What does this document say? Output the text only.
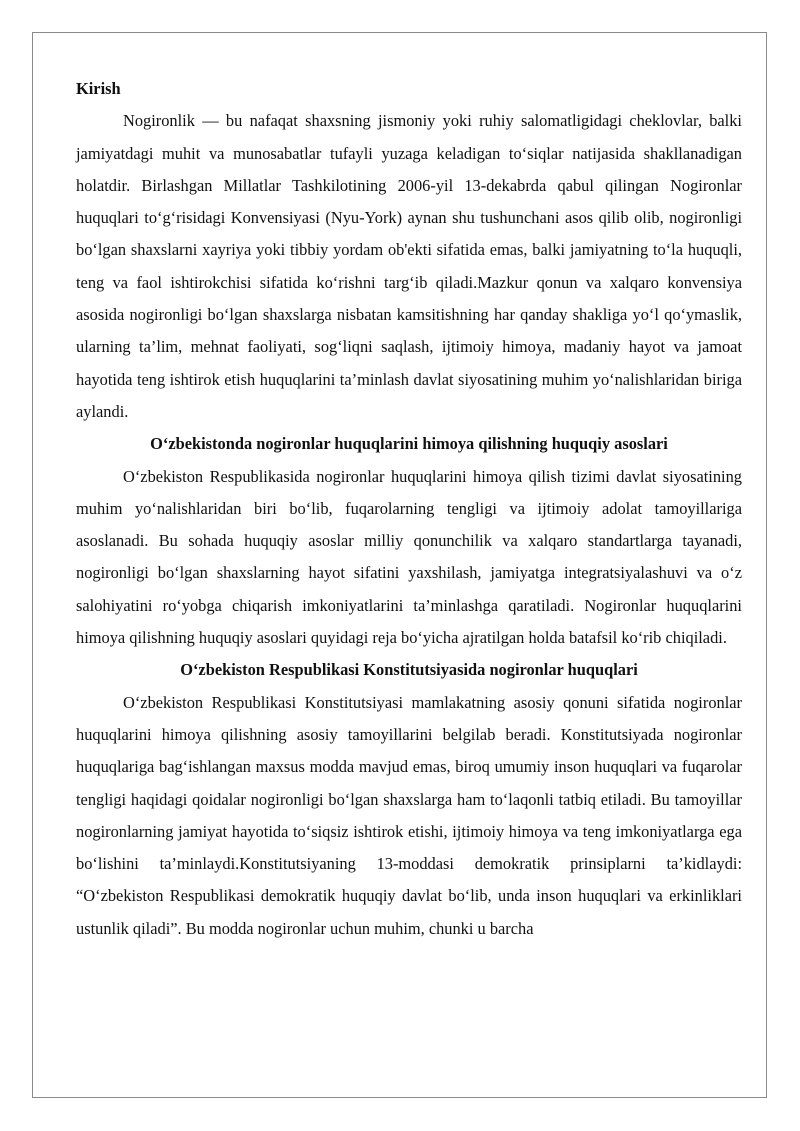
Kirish

Nogironlik — bu nafaqat shaxsning jismoniy yoki ruhiy salomatligidagi cheklovlar, balki jamiyatdagi muhit va munosabatlar tufayli yuzaga keladigan to‘siqlar natijasida shakllanadigan holatdir. Birlashgan Millatlar Tashkilotining 2006-yil 13-dekabrda qabul qilingan Nogironlar huquqlari to‘g‘risidagi Konvensiyasi (Nyu-York) aynan shu tushunchani asos qilib olib, nogironligi bo‘lgan shaxslarni xayriya yoki tibbiy yordam ob'ekti sifatida emas, balki jamiyatning to‘la huquqli, teng va faol ishtirokchisi sifatida ko‘rishni targ‘ib qiladi.Mazkur qonun va xalqaro konvensiya asosida nogironligi bo‘lgan shaxslarga nisbatan kamsitishning har qanday shakliga yo‘l qo‘ymaslik, ularning ta’lim, mehnat faoliyati, sog‘liqni saqlash, ijtimoiy himoya, madaniy hayot va jamoat hayotida teng ishtirok etish huquqlarini ta’minlash davlat siyosatining muhim yo‘nalishlaridan biriga aylandi.

O‘zbekistonda nogironlar huquqlarini himoya qilishning huquqiy asoslari

O‘zbekiston Respublikasida nogironlar huquqlarini himoya qilish tizimi davlat siyosatining muhim yo‘nalishlaridan biri bo‘lib, fuqarolarning tengligi va ijtimoiy adolat tamoyillariga asoslanadi. Bu sohada huquqiy asoslar milliy qonunchilik va xalqaro standartlarga tayanadi, nogironligi bo‘lgan shaxslarning hayot sifatini yaxshilash, jamiyatga integratsiyalashuvi va o‘z salohiyatini ro‘yobga chiqarish imkoniyatlarini ta’minlashga qaratiladi. Nogironlar huquqlarini himoya qilishning huquqiy asoslari quyidagi reja bo‘yicha ajratilgan holda batafsil ko‘rib chiqiladi.

O‘zbekiston Respublikasi Konstitutsiyasida nogironlar huquqlari

O‘zbekiston Respublikasi Konstitutsiyasi mamlakatning asosiy qonuni sifatida nogironlar huquqlarini himoya qilishning asosiy tamoyillarini belgilab beradi. Konstitutsiyada nogironlar huquqlariga bag‘ishlangan maxsus modda mavjud emas, biroq umumiy inson huquqlari va fuqarolar tengligi haqidagi qoidalar nogironligi bo‘lgan shaxslarga ham to‘laqonli tatbiq etiladi. Bu tamoyillar nogironlarning jamiyat hayotida to‘siqsiz ishtirok etishi, ijtimoiy himoya va teng imkoniyatlarga ega bo‘lishini ta’minlaydi.Konstitutsiyaning 13-moddasi demokratik prinsiplarni ta’kidlaydi: “O‘zbekiston Respublikasi demokratik huquqiy davlat bo‘lib, unda inson huquqlari va erkinliklari ustunlik qiladi”. Bu modda nogironlar uchun muhim, chunki u barcha
